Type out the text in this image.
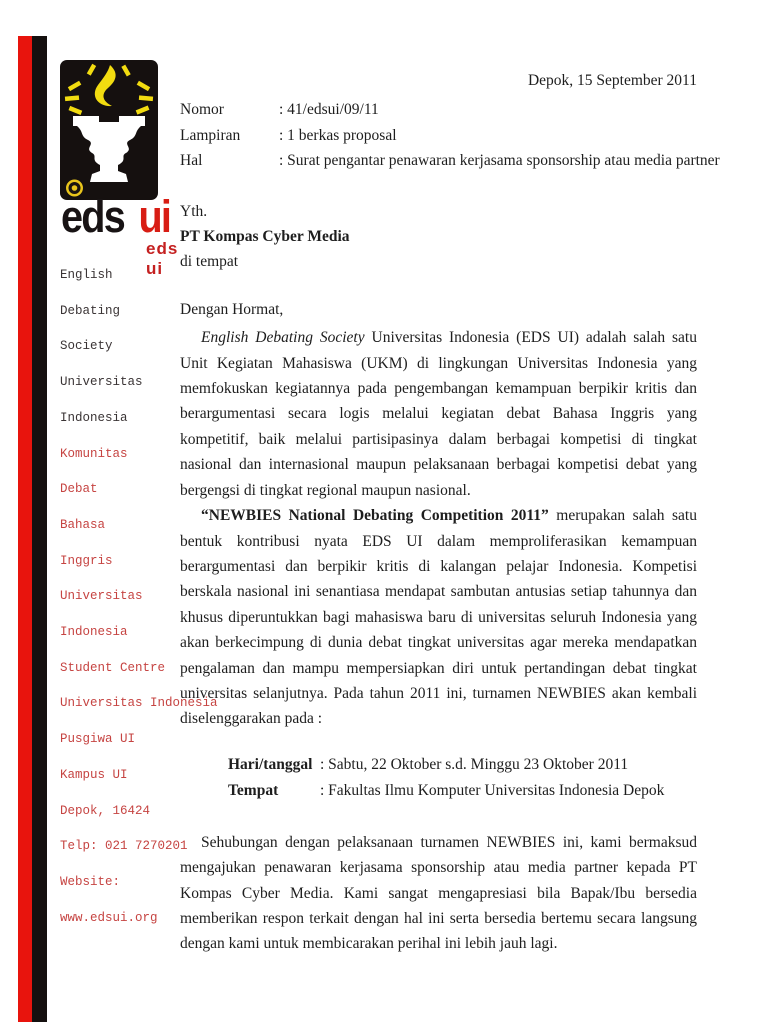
eds ui
eds ui
English
Debating
Society
Universitas
Indonesia
Komunitas
Debat
Bahasa
Inggris
Universitas
Indonesia
Student Centre
Universitas Indonesia
Pusgiwa UI
Kampus UI
Depok, 16424
Telp: 021 7270201
Website:
www.edsui.org
Depok, 15 September 2011
Nomor	: 41/edsui/09/11
Lampiran	: 1 berkas proposal
Hal	: Surat pengantar penawaran kerjasama sponsorship atau media partner
Yth.
PT Kompas Cyber Media
di tempat
Dengan Hormat,

English Debating Society Universitas Indonesia (EDS UI) adalah salah satu Unit Kegiatan Mahasiswa (UKM) di lingkungan Universitas Indonesia yang memfokuskan kegiatannya pada pengembangan kemampuan berpikir kritis dan berargumentasi secara logis melalui kegiatan debat Bahasa Inggris yang kompetitif, baik melalui partisipasinya dalam berbagai kompetisi di tingkat nasional dan internasional maupun pelaksanaan berbagai kompetisi debat yang bergengsi di tingkat regional maupun nasional.

“NEWBIES National Debating Competition 2011” merupakan salah satu bentuk kontribusi nyata EDS UI dalam memproliferasikan kemampuan berargumentasi dan berpikir kritis di kalangan pelajar Indonesia. Kompetisi berskala nasional ini senantiasa mendapat sambutan antusias setiap tahunnya dan khusus diperuntukkan bagi mahasiswa baru di universitas seluruh Indonesia yang akan berkecimpung di dunia debat tingkat universitas agar mereka mendapatkan pengalaman dan mampu mempersiapkan diri untuk pertandingan debat tingkat universitas selanjutnya. Pada tahun 2011 ini, turnamen NEWBIES akan kembali diselenggarakan pada :

Hari/tanggal : Sabtu, 22 Oktober s.d. Minggu 23 Oktober 2011
Tempat	: Fakultas Ilmu Komputer Universitas Indonesia Depok

Sehubungan dengan pelaksanaan turnamen NEWBIES ini, kami bermaksud mengajukan penawaran kerjasama sponsorship atau media partner kepada PT Kompas Cyber Media. Kami sangat mengapresiasi bila Bapak/Ibu bersedia memberikan respon terkait dengan hal ini serta bersedia bertemu secara langsung dengan kami untuk membicarakan perihal ini lebih jauh lagi.
